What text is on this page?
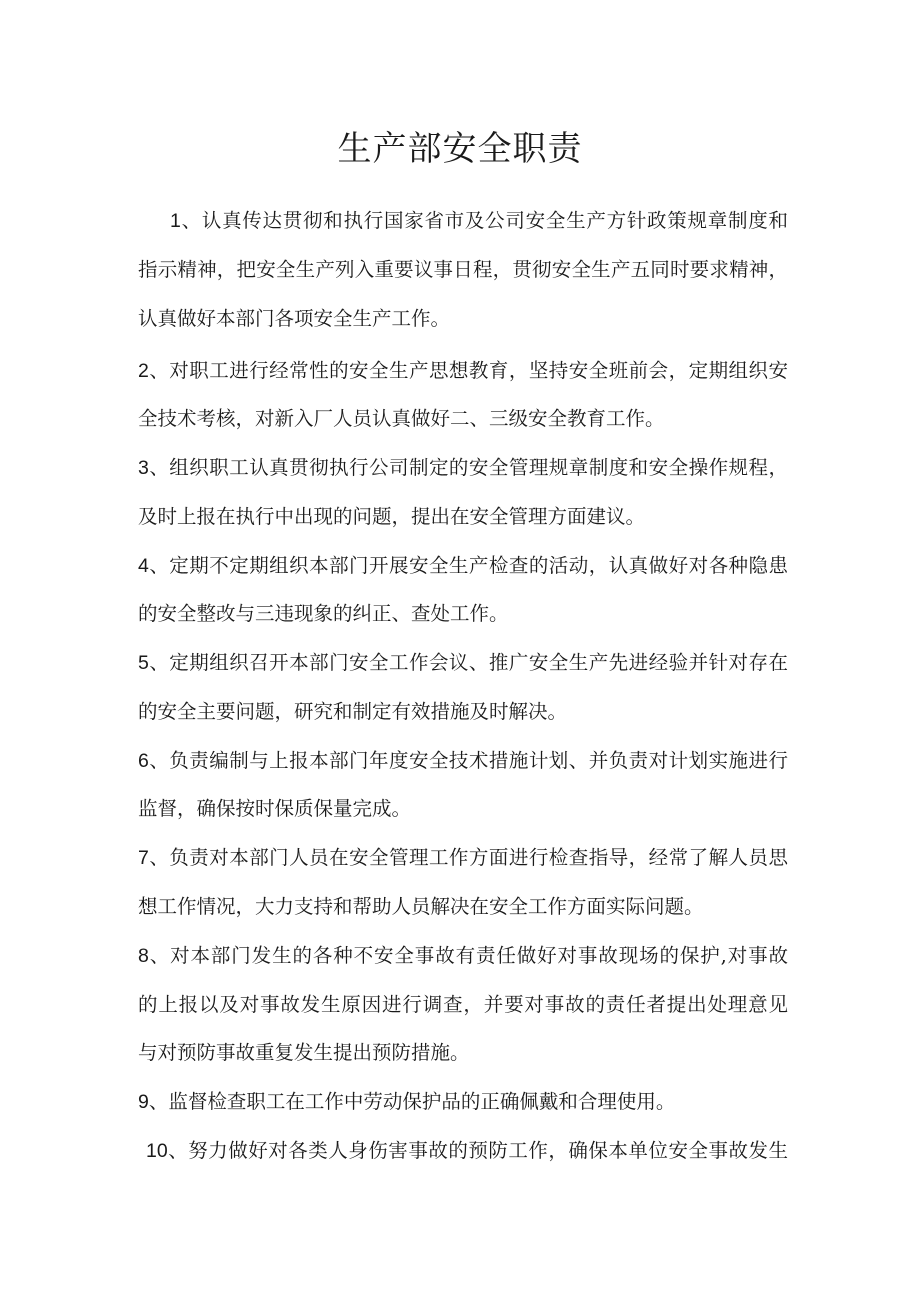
生产部安全职责
1、认真传达贯彻和执行国家省市及公司安全生产方针政策规章制度和
指示精神，把安全生产列入重要议事日程，贯彻安全生产五同时要求精神，
认真做好本部门各项安全生产工作。
2、对职工进行经常性的安全生产思想教育，坚持安全班前会，定期组织安
全技术考核，对新入厂人员认真做好二、三级安全教育工作。
3、组织职工认真贯彻执行公司制定的安全管理规章制度和安全操作规程，
及时上报在执行中出现的问题，提出在安全管理方面建议。
4、定期不定期组织本部门开展安全生产检查的活动，认真做好对各种隐患
的安全整改与三违现象的纠正、查处工作。
5、定期组织召开本部门安全工作会议、推广安全生产先进经验并针对存在
的安全主要问题，研究和制定有效措施及时解决。
6、负责编制与上报本部门年度安全技术措施计划、并负责对计划实施进行
监督，确保按时保质保量完成。
7、负责对本部门人员在安全管理工作方面进行检查指导，经常了解人员思
想工作情况，大力支持和帮助人员解决在安全工作方面实际问题。
8、对本部门发生的各种不安全事故有责任做好对事故现场的保护,对事故
的上报以及对事故发生原因进行调查，并要对事故的责任者提出处理意见
与对预防事故重复发生提出预防措施。
9、监督检查职工在工作中劳动保护品的正确佩戴和合理使用。
10、努力做好对各类人身伤害事故的预防工作，确保本单位安全事故发生
